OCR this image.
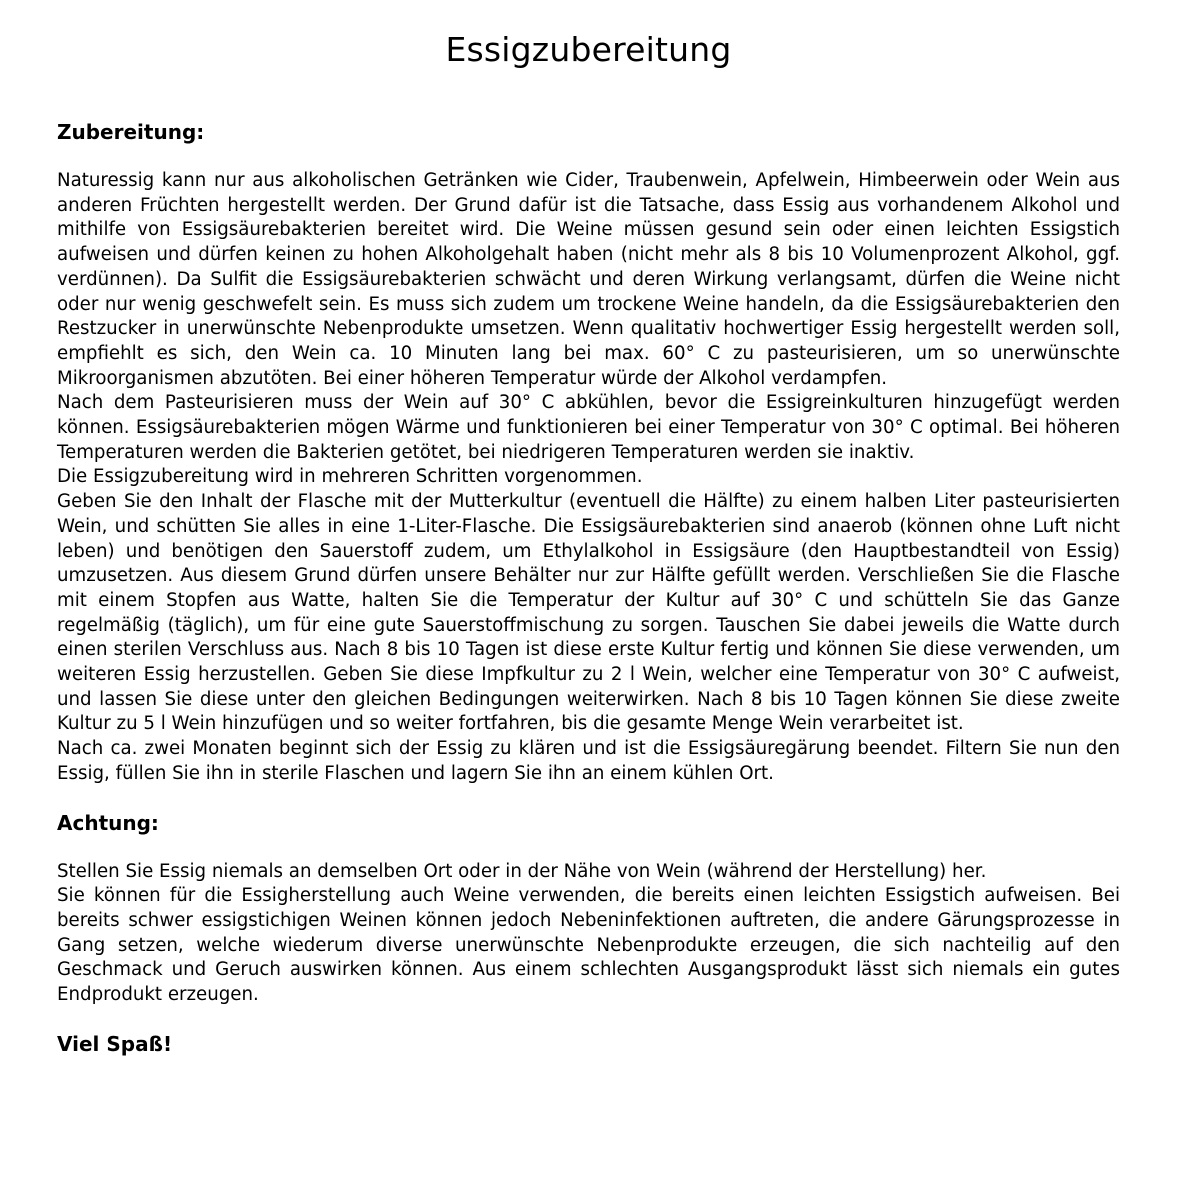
Essigzubereitung
Zubereitung:

Naturessig kann nur aus alkoholischen Getränken wie Cider, Traubenwein, Apfelwein, Himbeerwein oder Wein aus anderen Früchten hergestellt werden. Der Grund dafür ist die Tatsache, dass Essig aus vorhandenem Alkohol und mithilfe von Essigsäurebakterien bereitet wird. Die Weine müssen gesund sein oder einen leichten Essigstich aufweisen und dürfen keinen zu hohen Alkoholgehalt haben (nicht mehr als 8 bis 10 Volumenprozent Alkohol, ggf. verdünnen). Da Sulfit die Essigsäurebakterien schwächt und deren Wirkung verlangsamt, dürfen die Weine nicht oder nur wenig geschwefelt sein. Es muss sich zudem um trockene Weine handeln, da die Essigsäurebakterien den Restzucker in unerwünschte Nebenprodukte umsetzen. Wenn qualitativ hochwertiger Essig hergestellt werden soll, empfiehlt es sich, den Wein ca. 10 Minuten lang bei max. 60° C zu pasteurisieren, um so unerwünschte Mikroorganismen abzutöten. Bei einer höheren Temperatur würde der Alkohol verdampfen.

Nach dem Pasteurisieren muss der Wein auf 30° C abkühlen, bevor die Essigreinkulturen hinzugefügt werden können. Essigsäurebakterien mögen Wärme und funktionieren bei einer Temperatur von 30° C optimal. Bei höheren Temperaturen werden die Bakterien getötet, bei niedrigeren Temperaturen werden sie inaktiv.

Die Essigzubereitung wird in mehreren Schritten vorgenommen.

Geben Sie den Inhalt der Flasche mit der Mutterkultur (eventuell die Hälfte) zu einem halben Liter pasteurisierten Wein, und schütten Sie alles in eine 1-Liter-Flasche. Die Essigsäurebakterien sind anaerob (können ohne Luft nicht leben) und benötigen den Sauerstoff zudem, um Ethylalkohol in Essigsäure (den Hauptbestandteil von Essig) umzusetzen. Aus diesem Grund dürfen unsere Behälter nur zur Hälfte gefüllt werden. Verschließen Sie die Flasche mit einem Stopfen aus Watte, halten Sie die Temperatur der Kultur auf 30° C und schütteln Sie das Ganze regelmäßig (täglich), um für eine gute Sauerstoffmischung zu sorgen. Tauschen Sie dabei jeweils die Watte durch einen sterilen Verschluss aus. Nach 8 bis 10 Tagen ist diese erste Kultur fertig und können Sie diese verwenden, um weiteren Essig herzustellen. Geben Sie diese Impfkultur zu 2 l Wein, welcher eine Temperatur von 30° C aufweist, und lassen Sie diese unter den gleichen Bedingungen weiterwirken. Nach 8 bis 10 Tagen können Sie diese zweite Kultur zu 5 l Wein hinzufügen und so weiter fortfahren, bis die gesamte Menge Wein verarbeitet ist.

Nach ca. zwei Monaten beginnt sich der Essig zu klären und ist die Essigsäuregärung beendet. Filtern Sie nun den Essig, füllen Sie ihn in sterile Flaschen und lagern Sie ihn an einem kühlen Ort.

Achtung:

Stellen Sie Essig niemals an demselben Ort oder in der Nähe von Wein (während der Herstellung) her.

Sie können für die Essigherstellung auch Weine verwenden, die bereits einen leichten Essigstich aufweisen. Bei bereits schwer essigstichigen Weinen können jedoch Nebeninfektionen auftreten, die andere Gärungsprozesse in Gang setzen, welche wiederum diverse unerwünschte Nebenprodukte erzeugen, die sich nachteilig auf den Geschmack und Geruch auswirken können. Aus einem schlechten Ausgangsprodukt lässt sich niemals ein gutes Endprodukt erzeugen.

Viel Spaß!
